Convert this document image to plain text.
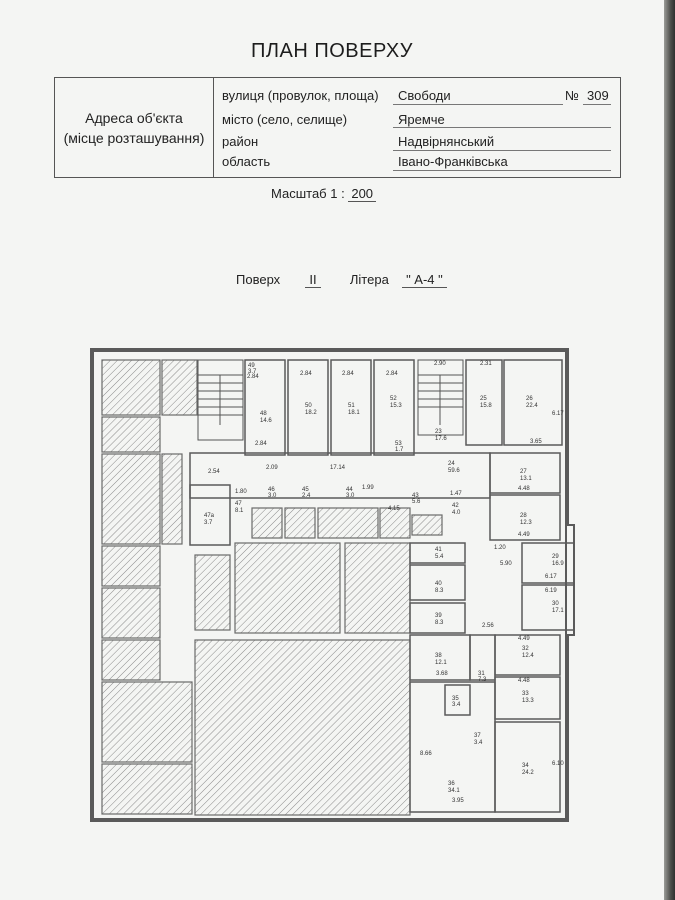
ПЛАН ПОВЕРХУ
Адреса об'єкта
(місце розташування)
вулиця (провулок, площа) Свободи	№ 309
місто (село, селище)	Яремче
район	Надвірнянський
область	Івано-Франківська
Масштаб 1 : 200
Поверх II	Літера " А-4 "
49
3.7
48
14.6
50
18.2
51
18.1
52
15.3
53
1.7
23
17.6
25
15.8
26
22.4
24
59.6	27
13.1
28
12.3
29
16.9
30
17.1
47a
3.7
47
8.1
46
3.0
45
2.4
44
3.0	43
5.6
42
4.0
41
5.4
40
8.3
39
8.3
38
12.1
31
7.3
32
12.4
33
13.3
34
24.2
35
3.4
36
34.1
37
3.4
17.14
2.84	2.84	2.84	2.84
2.90	2.31
6.17
3.65
2.54
4.15
4.48
4.49
6.17
4.49
3.68
3.95
8.66
6.10
1.99
2.09
6.19
2.56
5.90
1.47
1.20
2.84
1.80
4.48
